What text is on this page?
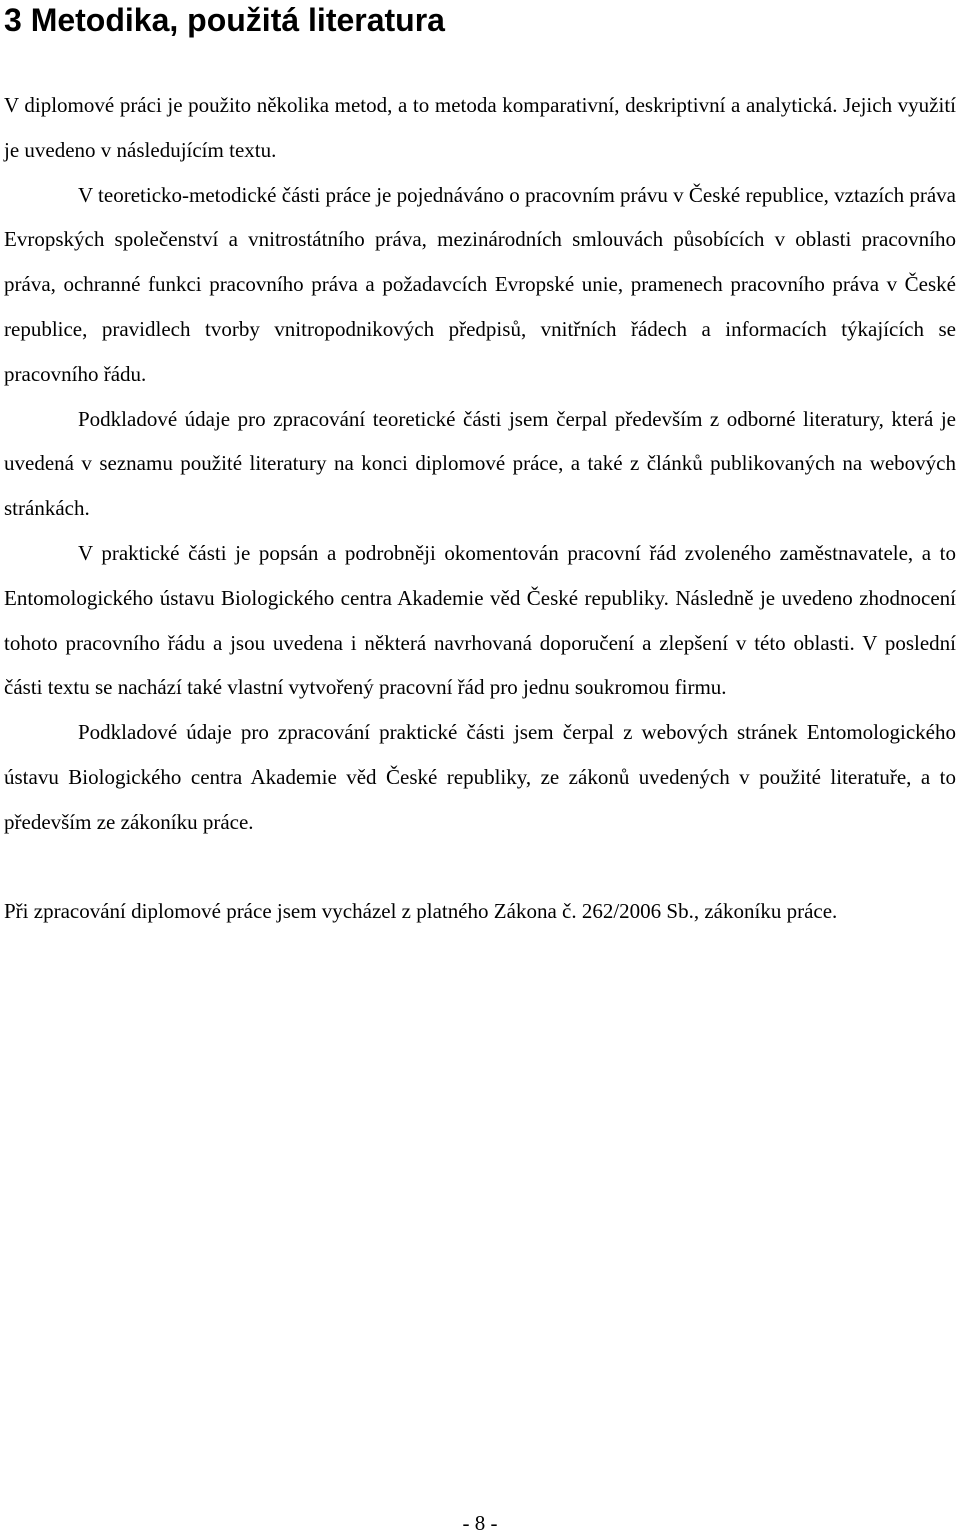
3 Metodika, použitá literatura

V diplomové práci je použito několika metod, a to metoda komparativní, deskriptivní a analytická. Jejich využití je uvedeno v následujícím textu.

V teoreticko-metodické části práce je pojednáváno o pracovním právu v České republice, vztazích práva Evropských společenství a vnitrostátního práva, mezinárodních smlouvách působících v oblasti pracovního práva, ochranné funkci pracovního práva a požadavcích Evropské unie, pramenech pracovního práva v České republice, pravidlech tvorby vnitropodnikových předpisů, vnitřních řádech a informacích týkajících se pracovního řádu.

Podkladové údaje pro zpracování teoretické části jsem čerpal především z odborné literatury, která je uvedená v seznamu použité literatury na konci diplomové práce, a také z článků publikovaných na webových stránkách.

V praktické části je popsán a podrobněji okomentován pracovní řád zvoleného zaměstnavatele, a to Entomologického ústavu Biologického centra Akademie věd České republiky. Následně je uvedeno zhodnocení tohoto pracovního řádu a jsou uvedena i některá navrhovaná doporučení a zlepšení v této oblasti. V poslední části textu se nachází také vlastní vytvořený pracovní řád pro jednu soukromou firmu.

Podkladové údaje pro zpracování praktické části jsem čerpal z webových stránek Entomologického ústavu Biologického centra Akademie věd České republiky, ze zákonů uvedených v použité literatuře, a to především ze zákoníku práce.

Při zpracování diplomové práce jsem vycházel z platného Zákona č. 262/2006 Sb., zákoníku práce.

- 8 -
